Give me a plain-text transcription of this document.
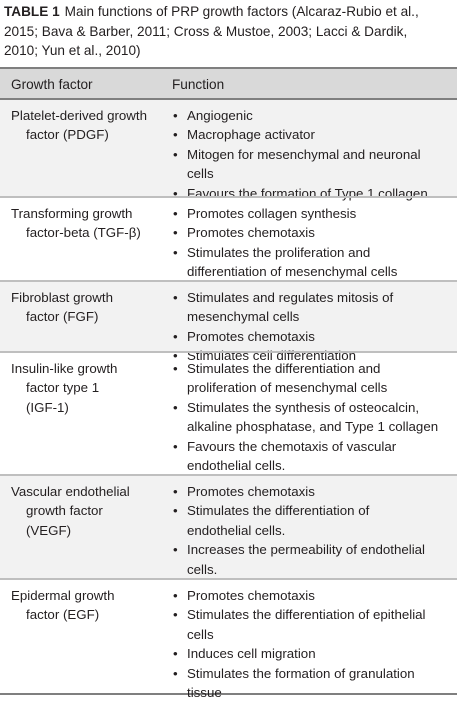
TABLE 1 Main functions of PRP growth factors (Alcaraz-Rubio et al.,
2015; Bava & Barber, 2011; Cross & Mustoe, 2003; Lacci & Dardik,
2010; Yun et al., 2010)
Growth factor	Function
Platelet-derived growth
factor (PDGF)
• Angiogenic
• Macrophage activator
• Mitogen for mesenchymal and neuronal
cells
• Favours the formation of Type 1 collagen
Transforming growth
factor-beta (TGF-β)
• Promotes collagen synthesis
• Promotes chemotaxis
• Stimulates the proliferation and
differentiation of mesenchymal cells
Fibroblast growth
factor (FGF)
• Stimulates and regulates mitosis of
mesenchymal cells
• Promotes chemotaxis
• Stimulates cell differentiation
Insulin-like growth
factor type 1
(IGF-1)
• Stimulates the differentiation and
proliferation of mesenchymal cells
• Stimulates the synthesis of osteocalcin,
alkaline phosphatase, and Type 1 collagen
• Favours the chemotaxis of vascular
endothelial cells.
Vascular endothelial
growth factor
(VEGF)
• Promotes chemotaxis
• Stimulates the differentiation of
endothelial cells.
• Increases the permeability of endothelial
cells.
Epidermal growth
factor (EGF)
• Promotes chemotaxis
• Stimulates the differentiation of epithelial
cells
• Induces cell migration
• Stimulates the formation of granulation
tissue
